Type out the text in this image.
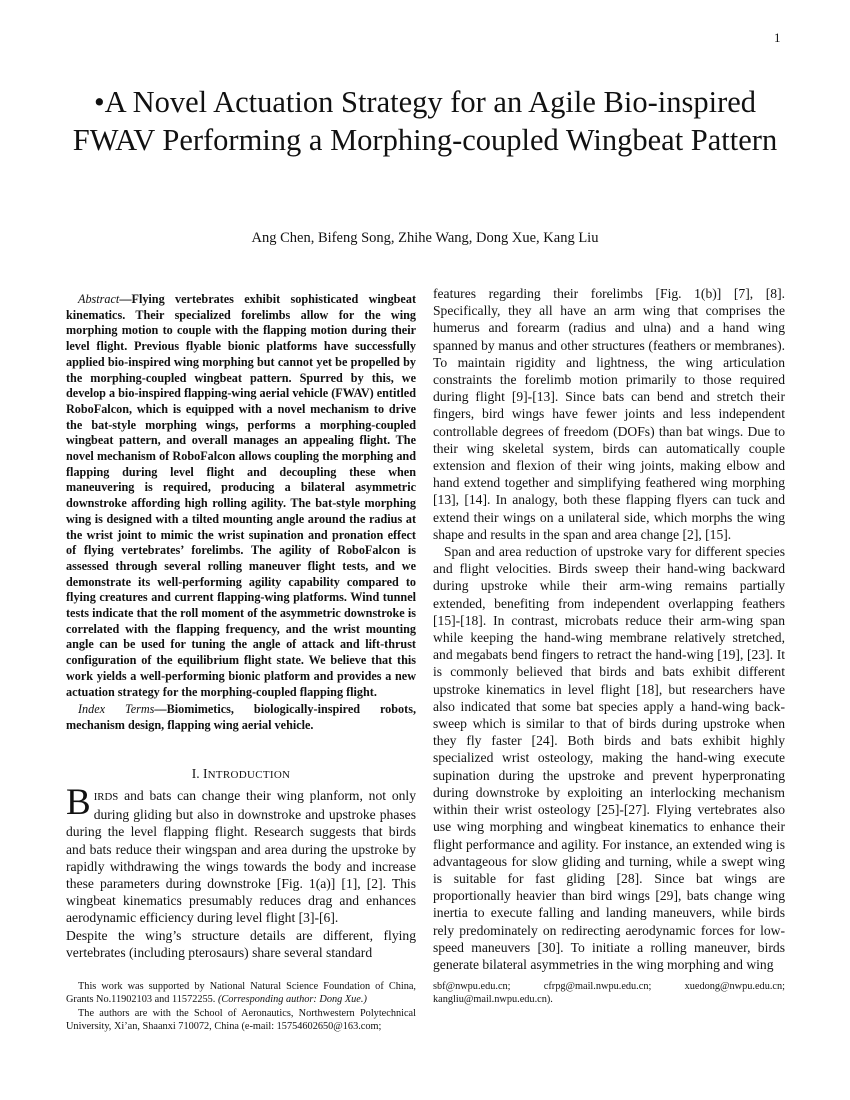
1
•A Novel Actuation Strategy for an Agile Bio-inspired FWAV Performing a Morphing-coupled Wingbeat Pattern
Ang Chen, Bifeng Song, Zhihe Wang, Dong Xue, Kang Liu

Abstract—Flying vertebrates exhibit sophisticated wingbeat kinematics. Their specialized forelimbs allow for the wing morphing motion to couple with the flapping motion during their level flight. Previous flyable bionic platforms have successfully applied bio-inspired wing morphing but cannot yet be propelled by the morphing-coupled wingbeat pattern. Spurred by this, we develop a bio-inspired flapping-wing aerial vehicle (FWAV) entitled RoboFalcon, which is equipped with a novel mechanism to drive the bat-style morphing wings, performs a morphing-coupled wingbeat pattern, and overall manages an appealing flight. The novel mechanism of RoboFalcon allows coupling the morphing and flapping during level flight and decoupling these when maneuvering is required, producing a bilateral asymmetric downstroke affording high rolling agility. The bat-style morphing wing is designed with a tilted mounting angle around the radius at the wrist joint to mimic the wrist supination and pronation effect of flying vertebrates’ forelimbs. The agility of RoboFalcon is assessed through several rolling maneuver flight tests, and we demonstrate its well-performing agility capability compared to flying creatures and current flapping-wing platforms. Wind tunnel tests indicate that the roll moment of the asymmetric downstroke is correlated with the flapping frequency, and the wrist mounting angle can be used for tuning the angle of attack and lift-thrust configuration of the equilibrium flight state. We believe that this work yields a well-performing bionic platform and provides a new actuation strategy for the morphing-coupled flapping flight.

Index Terms—Biomimetics, biologically-inspired robots, mechanism design, flapping wing aerial vehicle.

I. INTRODUCTION

BIRDS and bats can change their wing planform, not only during gliding but also in downstroke and upstroke phases during the level flapping flight. Research suggests that birds and bats reduce their wingspan and area during the upstroke by rapidly withdrawing the wings towards the body and increase these parameters during downstroke [Fig. 1(a)] [1], [2]. This wingbeat kinematics presumably reduces drag and enhances aerodynamic efficiency during level flight [3]-[6].

Despite the wing’s structure details are different, flying vertebrates (including pterosaurs) share several standard

features regarding their forelimbs [Fig. 1(b)] [7], [8]. Specifically, they all have an arm wing that comprises the humerus and forearm (radius and ulna) and a hand wing spanned by manus and other structures (feathers or membranes). To maintain rigidity and lightness, the wing articulation constraints the forelimb motion primarily to those required during flight [9]-[13]. Since bats can bend and stretch their fingers, bird wings have fewer joints and less independent controllable degrees of freedom (DOFs) than bat wings. Due to their wing skeletal system, birds can automatically couple extension and flexion of their wing joints, making elbow and hand extend together and simplifying feathered wing morphing [13], [14]. In analogy, both these flapping flyers can tuck and extend their wings on a unilateral side, which morphs the wing shape and results in the span and area change [2], [15].

Span and area reduction of upstroke vary for different species and flight velocities. Birds sweep their hand-wing backward during upstroke while their arm-wing remains partially extended, benefiting from independent overlapping feathers [15]-[18]. In contrast, microbats reduce their arm-wing span while keeping the hand-wing membrane relatively stretched, and megabats bend fingers to retract the hand-wing [19], [23]. It is commonly believed that birds and bats exhibit different upstroke kinematics in level flight [18], but researchers have also indicated that some bat species apply a hand-wing back-sweep which is similar to that of birds during upstroke when they fly faster [24]. Both birds and bats exhibit highly specialized wrist osteology, making the hand-wing execute supination during the upstroke and prevent hyperpronating during downstroke by exploiting an interlocking mechanism within their wrist osteology [25]-[27]. Flying vertebrates also use wing morphing and wingbeat kinematics to enhance their flight performance and agility. For instance, an extended wing is advantageous for slow gliding and turning, while a swept wing is suitable for fast gliding [28]. Since bat wings are proportionally heavier than bird wings [29], bats change wing inertia to execute falling and landing maneuvers, while birds rely predominately on redirecting aerodynamic forces for low-speed maneuvers [30]. To initiate a rolling maneuver, birds generate bilateral asymmetries in the wing morphing and wing

This work was supported by National Natural Science Foundation of China, Grants No.11902103 and 11572255. (Corresponding author: Dong Xue.)

The authors are with the School of Aeronautics, Northwestern Polytechnical University, Xi’an, Shaanxi 710072, China (e-mail: 15754602650@163.com;

sbf@nwpu.edu.cn;	cfrpg@mail.nwpu.edu.cn;	xuedong@nwpu.edu.cn;
kangliu@mail.nwpu.edu.cn).
